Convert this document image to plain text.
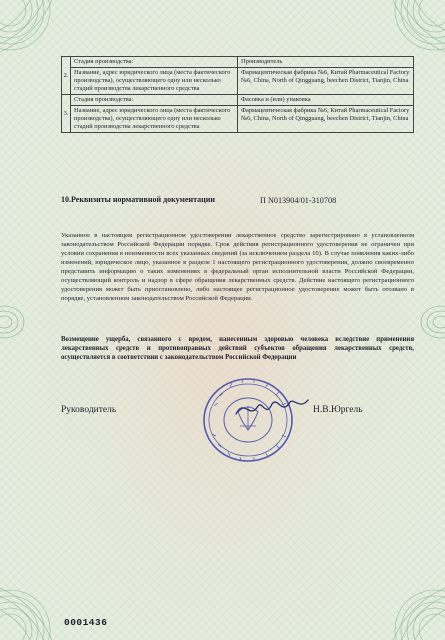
2.	Стадия производства:	Производитель
	Название, адрес юридического лица (места фактического производства), осуществляющего одну или несколько стадий производства лекарственного средства	Фармацевтическая фабрика №6, Китай Pharmaceutical Factory №6, China, North of Qingguang, beechen District, Tianjin, China
3.	Стадия производства:	Фасовка и (или) упаковка
	Название, адрес юридического лица (места фактического производства), осуществляющего одну или несколько стадий производства лекарственного средства	Фармацевтическая фабрика №6, Китай Pharmaceutical Factory №6, China, North of Qingguang, beechen District, Tianjin, China
10.Реквизиты нормативной документации	П N013904/01-310708
Указанное в настоящем регистрационном удостоверении лекарственное средство зарегистрировано в установленном законодательством Российской Федерации порядке. Срок действия регистрационного удостоверения не ограничен при условии сохранения в неизменности всех указанных сведений (за исключением раздела 10). В случае появления каких-либо изменений, юридическое лицо, указанное в разделе 1 настоящего регистрационного удостоверения, должно своевременно представить информацию о таких изменениях в федеральный орган исполнительной власти Российской Федерации, осуществляющий контроль и надзор в сфере обращения лекарственных средств. Действие настоящего регистрационного удостоверения может быть приостановлено, либо настоящее регистрационное удостоверение может быть отозвано в порядке, установленном законодательством Российской Федерации.
Возмещение ущерба, связанного с вредом, нанесенным здоровью человека вследствие применения лекарственных средств и противоправных действий субъектов обращения лекарственных средств, осуществляется в соответствии с законодательством Российской Федерации
Руководитель	Н.В.Юргель
0001436
